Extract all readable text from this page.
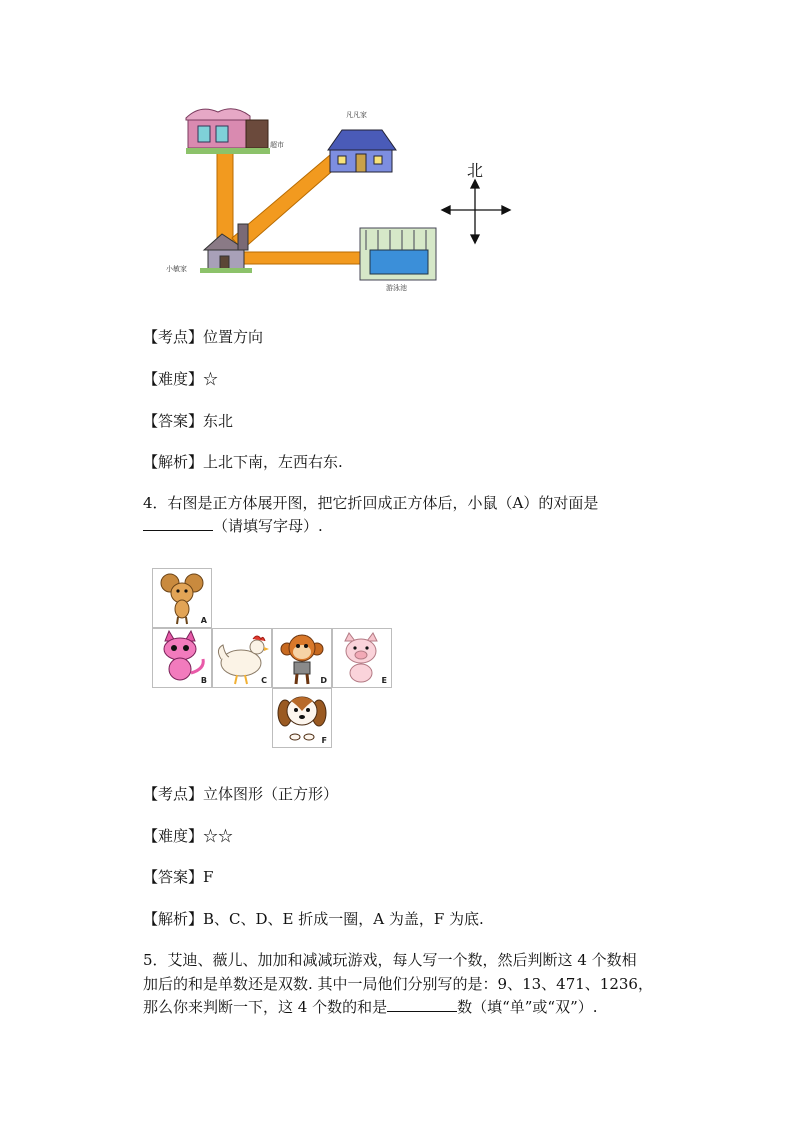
超市
凡凡家
小敏家
游泳池
北
【考点】位置方向
【难度】☆
【答案】东北
【解析】上北下南，左西右东.
4．右图是正方体展开图，把它折回成正方体后，小鼠（A）的对面是
（请填写字母）.
A
B	C	D	E
F
【考点】立体图形（正方形）
【难度】☆☆
【答案】F
【解析】B、C、D、E 折成一圈，A 为盖，F 为底.
5．艾迪、薇儿、加加和减减玩游戏，每人写一个数，然后判断这 4 个数相
加后的和是单数还是双数. 其中一局他们分别写的是：9、13、471、1236，
那么你来判断一下，这 4 个数的和是	数（填“单”或“双”）.
